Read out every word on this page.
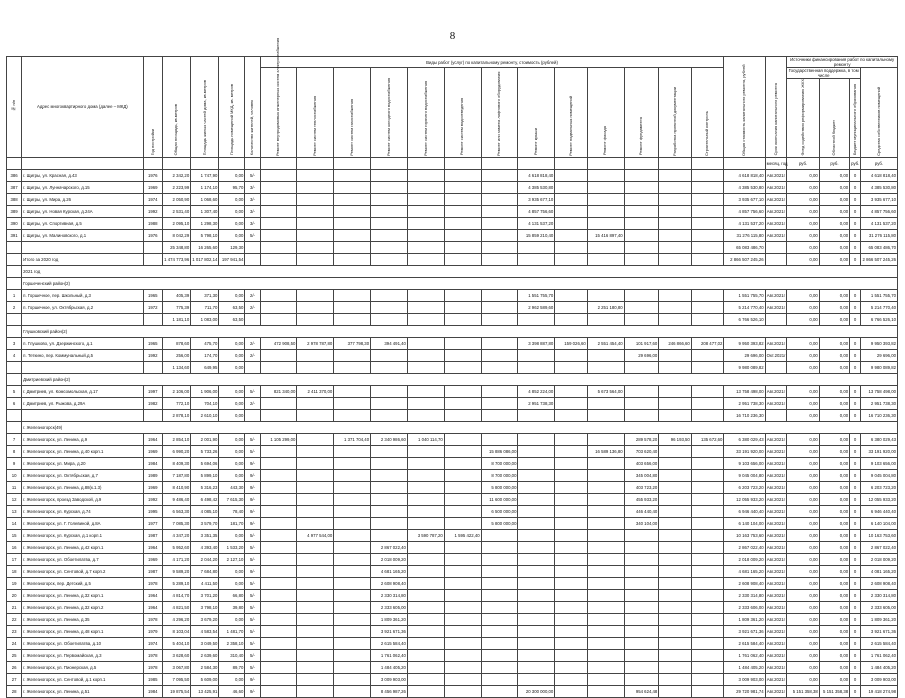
8
№ п/п	Адрес многоквартирного дома (далее – МКД)	Год постройки	Общая площадь, кв.метров	Площадь жилых частей дома, кв.метров	Площадь помещений МКД, кв. метров	Количество жителей, человек	Виды работ (услуг) по капитальному ремонту, стоимость (рублей)													Общая стоимость капитального ремонта, рублей	Срок окончания капитального ремонта	Источники финансирования работ по капитальному ремонту			
							Ремонт внутридомовых инженерных систем электроснабжения	Ремонт систем теплоснабжения	Ремонт систем газоснабжения	Ремонт систем холодного водоснабжения	Ремонт систем горячего водоснабжения	Ремонт систем водоотведения	Ремонт или замена лифтового оборудования	Ремонт крыши	Ремонт подвальных помещений	Ремонт фасада	Ремонт фундамента	Разработка проектной документации	Строительный контроль			Государственная поддержка, в том числе			Средства собственников помещений
																						Фонд содействия реформированию ЖКХ	Областной бюджет	Бюджет муниципального образования	
																					месяц, год	руб.	руб.	руб.	руб.
386	г. Щигры, ул. Красная, д.43	1976	2 342,20	1 747,90	0,00	5/-								4 618 818,40						4 618 818,40	Авг.2021г	0,00	0,00	0	4 618 818,40
387	г. Щигры, ул. Лунначарского, д.15	1969	2 223,99	1 174,10	95,70	3/-								4 385 530,80						4 385 530,80	Авг.2021г	0,00	0,00	0	4 385 530,80
388	г. Щигры, ул. Мира, д.26	1974	2 050,90	1 068,60	0,00	3/-								3 935 677,10						3 935 677,10	Авг.2021г	0,00	0,00	0	3 935 677,10
389	г. Щигры, ул. Новая Курская, д.24А	1992	2 531,40	1 307,40	0,00	3/-								4 857 756,60						4 857 756,60	Авг.2021г	0,00	0,00	0	4 857 756,60
390	г. Щигры, ул. Спортивная, д.5	1988	2 095,10	1 298,30	0,00	3/-								4 131 537,20						4 131 537,20	Авг.2021г	0,00	0,00	0	4 131 537,20
391	г. Щигры, ул. Малиновского, д.1	1976	8 042,29	5 798,10	0,00	5/-								15 859 210,40		15 416 897,40				31 276 115,80	Авг.2021г	0,00	0,00	0	31 276 115,80
			25 348,80	16 265,60	129,30															65 083 486,70		0,00	0,00	0	65 083 486,70
	Итого за 2020 год		1 474 773,96	1 017 802,14	197 941,54															2 866 507 245,26		0,00	0,00	0	2 866 507 245,26
	2021 год																								
	Горшеченский район(2)																								
1	п. Горшечное, пер. Школьный, д.3	1965	405,39	371,30	0,00	2/-								1 551 755,70						1 551 755,70	Авг.2021г	0,00	0,00	0	1 551 755,70
2	п. Горшечное, ул. Октябрьская, д.2	1972	775,39	711,70	63,50	2/-								2 962 589,60		2 251 180,80				5 214 770,40	Авг.2021г	0,00	0,00	0	5 214 770,40
			1 181,10	1 083,00	63,50															6 766 526,10		0,00	0,00	0	6 766 526,10
	Глушковский район(2)																								
3	п. Глушково, ул. Дзержинского, д.1	1965	878,60	475,70	0,00	2/-	472 908,50	2 978 787,80	377 798,30	394 491,40				3 398 887,80	159 026,60	2 551 454,40	101 917,60	246 866,60	208 477,02	9 950 393,82	Авг.2021г	0,00	0,00	0	9 950 393,82
4	п. Теткино, пер. Коммунальный,д.5	1992	256,00	174,70	0,00	2/-											29 696,00			29 696,00	Окт.2021г	0,00	0,00	0	29 696,00
			1 134,60	649,95	0,00															9 980 089,82		0,00	0,00	0	9 980 089,82
	Дмитриевский район(2)																								
5	г. Дмитриев, ул. Комсомольская, д.17	1997	2 106,00	1 906,00	0,00	5/-	821 340,00	2 411 370,00						4 852 224,00		5 673 564,00				13 758 498,00	Авг.2021г	0,00	0,00	0	13 758 498,00
6	г. Дмитриев, ул. Рыжова, д.29А	1982	772,10	704,10	0,00	2/-								2 951 738,30						2 951 738,30	Авг.2021г	0,00	0,00	0	2 951 738,30
			2 878,10	2 610,10	0,00															16 710 236,30		0,00	0,00	0	16 710 236,30
	г. Железногорск(49)																								
7	г. Железногорск, ул. Ленина, д.9	1964	2 854,10	2 001,90	0,00	5/-	1 105 299,00		1 371 704,40	2 340 986,60	1 040 114,70						289 578,20	96 193,50	135 672,60	6 380 029,43	Авг.2021г	0,00	0,00	0	6 380 029,43
8	г. Железногорск, ул. Ленина, д.40 корп.1	1969	6 990,20	5 733,26	0,00	5/-							15 886 086,00			16 589 136,80	703 620,40			33 191 920,00	Авг.2021г	0,00	0,00	0	33 191 920,00
9	г. Железногорск, ул. Мира, д.20	1984	8 409,30	5 694,06	0,00	9/-							8 700 000,00				403 656,00			9 103 656,00	Авг.2021г	0,00	0,00	0	9 103 656,00
10	г. Железногорск, ул. Октябрьская, д.7	1989	7 187,80	5 899,10	0,00	9/-							8 700 000,00				345 004,80			9 045 004,80	Авг.2021г	0,00	0,00	0	9 045 004,80
11	г. Железногорск, ул. Ленина, д.88(к.1.3)	1969	8 410,90	5 316,23	443,30	9/-							5 800 000,00				403 723,20			6 203 723,20	Авг.2021г	0,00	0,00	0	6 203 723,20
12	г. Железногорск, проезд Заводской, д.9	1992	9 486,40	6 498,42	7 615,30	9/-							11 600 000,00				455 933,20			12 055 933,20	Авг.2021г	0,00	0,00	0	12 055 933,20
13	г. Железногорск, ул. Курская, д.74	1995	6 563,30	4 085,10	78,40	9/-							6 500 000,00				446 440,40			6 946 440,40	Авг.2021г	0,00	0,00	0	6 946 440,40
14	г. Железногорск, ул. Г. Голевиной, д.8А	1977	7 085,30	3 579,70	181,70	9/-							5 800 000,00				340 104,00			6 140 104,00	Авг.2021г	0,00	0,00	0	6 140 104,00
15	г. Железногорск, ул. Курская, д.1 корп.1	1987	4 347,20	3 351,35	0,00	5/-		4 977 544,00			3 590 787,20	1 595 422,40								10 163 753,60	Авг.2021г	0,00	0,00	0	10 163 753,60
16	г. Железногорск, ул. Ленина, д.42 корп.1	1964	5 952,60	4 393,40	1 533,20	5/-				2 867 022,40										2 867 022,40	Авг.2021г	0,00	0,00	0	2 867 022,40
17	г. Железногорск, ул. Обоетилатва, д.7	1969	4 171,20	2 044,20	2 127,10	5/-				2 018 009,20										2 018 009,20	Авг.2021г	0,00	0,00	0	2 018 009,20
18	г. Железногорск, ул. Сентовой, д.7 корп.2	1987	9 589,20	7 684,80	0,00	9/-				4 681 165,20										4 681 165,20	Авг.2021г	0,00	0,00	0	4 081 165,20
19	г. Железногорск, пер. Детский, д.5	1978	5 289,10	4 411,50	0,00	5/-				2 608 908,40										2 608 908,40	Авг.2021г	0,00	0,00	0	2 608 908,40
20	г. Железногорск, ул. Ленина, д.32 корп.1	1964	4 814,70	3 701,20	66,80	5/-				2 330 314,80										2 330 314,80	Авг.2021г	0,00	0,00	0	2 330 314,80
21	г. Железногорск, ул. Ленина, д.32 корп.2	1964	4 821,50	3 798,10	39,80	5/-				2 333 605,00										2 333 606,00	Авг.2021г	0,00	0,00	0	2 333 605,00
22	г. Железногорск, ул. Ленина, д.35	1978	4 296,20	3 679,20	0,00	5/-				1 809 361,20										1 809 361,20	Авг.2021г	0,00	0,00	0	1 809 361,20
23	г. Железногорск, ул. Ленина, д.48 корп.1	1979	8 103,04	4 583,54	1 481,70	5/-				3 921 671,36										3 921 671,36	Авг.2021г	0,00	0,00	0	3 921 671,36
24	г. Железногорск, ул. Обоетилатва, д.10	1974	5 404,10	3 049,50	2 358,10	5/-				2 615 584,40										2 615 584,40	Авг.2021г	0,00	0,00	0	2 615 584,40
25	г. Железногорск, ул. Первомайская, д.3	1978	3 628,60	2 639,60	310,40	5/-				1 761 062,40										1 761 062,40	Авг.2021г	0,00	0,00	0	1 761 062,40
26	г. Железногорск, ул. Пионерская, д.5	1978	3 067,80	2 584,30	89,70	5/-				1 484 405,20										1 484 405,20	Авг.2021г	0,00	0,00	0	1 484 405,20
27	г. Железногорск, ул. Сентовой, д.1 корп.1	1985	7 095,50	5 609,00	0,00	9/-				3 009 903,00										3 009 903,00	Авг.2021г	0,00	0,00	0	3 009 903,00
28	г. Железногорск, ул. Ленина, д.51	1984	19 875,54	13 425,91	46,60	9/-				8 456 987,26				20 300 000,00			954 624,48			29 720 981,74	Авг.2021г	5 151 358,38	5 151 358,38	0	19 418 274,98
